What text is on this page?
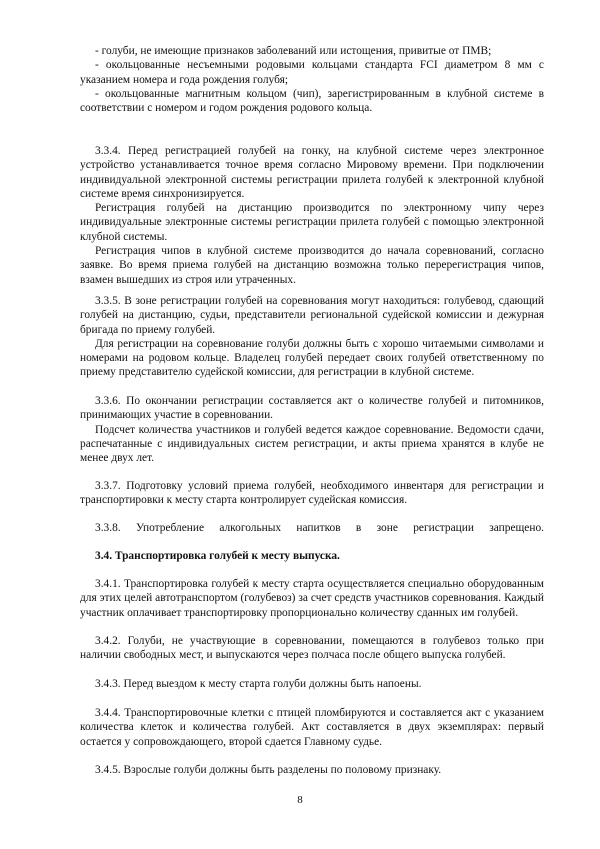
- голуби, не имеющие признаков заболеваний или истощения, привитые от ПМВ;

- окольцованные несъемными родовыми кольцами стандарта FCI диаметром 8 мм с указанием номера и года рождения голубя;

- окольцованные магнитным кольцом (чип), зарегистрированным в клубной системе в соответствии с номером и годом рождения родового кольца.

3.3.4. Перед регистрацией голубей на гонку, на клубной системе через электронное устройство устанавливается точное время согласно Мировому времени. При подключении индивидуальной электронной системы регистрации прилета голубей к электронной клубной системе время синхронизируется.

Регистрация голубей на дистанцию производится по электронному чипу через индивидуальные электронные системы регистрации прилета голубей с помощью электронной клубной системы.

Регистрация чипов в клубной системе производится до начала соревнований, согласно заявке. Во время приема голубей на дистанцию возможна только перерегистрация чипов, взамен вышедших из строя или утраченных.

3.3.5. В зоне регистрации голубей на соревнования могут находиться: голубевод, сдающий голубей на дистанцию, судьи, представители региональной судейской комиссии и дежурная бригада по приему голубей.

Для регистрации на соревнование голуби должны быть с хорошо читаемыми символами и номерами на родовом кольце. Владелец голубей передает своих голубей ответственному по приему представителю судейской комиссии, для регистрации в клубной системе.

3.3.6. По окончании регистрации составляется акт о количестве голубей и питомников, принимающих участие в соревновании.

Подсчет количества участников и голубей ведется каждое соревнование. Ведомости сдачи, распечатанные с индивидуальных систем регистрации, и акты приема хранятся в клубе не менее двух лет.

3.3.7. Подготовку условий приема голубей, необходимого инвентаря для регистрации и транспортировки к месту старта контролирует судейская комиссия.

3.3.8. Употребление алкогольных напитков в зоне регистрации запрещено.

3.4. Транспортировка голубей к месту выпуска.

3.4.1. Транспортировка голубей к месту старта осуществляется специально оборудованным для этих целей автотранспортом (голубевоз) за счет средств участников соревнования. Каждый участник оплачивает транспортировку пропорционально количеству сданных им голубей.

3.4.2. Голуби, не участвующие в соревновании, помещаются в голубевоз только при наличии свободных мест, и выпускаются через полчаса после общего выпуска голубей.

3.4.3. Перед выездом к месту старта голуби должны быть напоены.

3.4.4. Транспортировочные клетки с птицей пломбируются и составляется акт с указанием количества клеток и количества голубей. Акт составляется в двух экземплярах: первый остается у сопровождающего, второй сдается Главному судье.

3.4.5. Взрослые голуби должны быть разделены по половому признаку.

8
